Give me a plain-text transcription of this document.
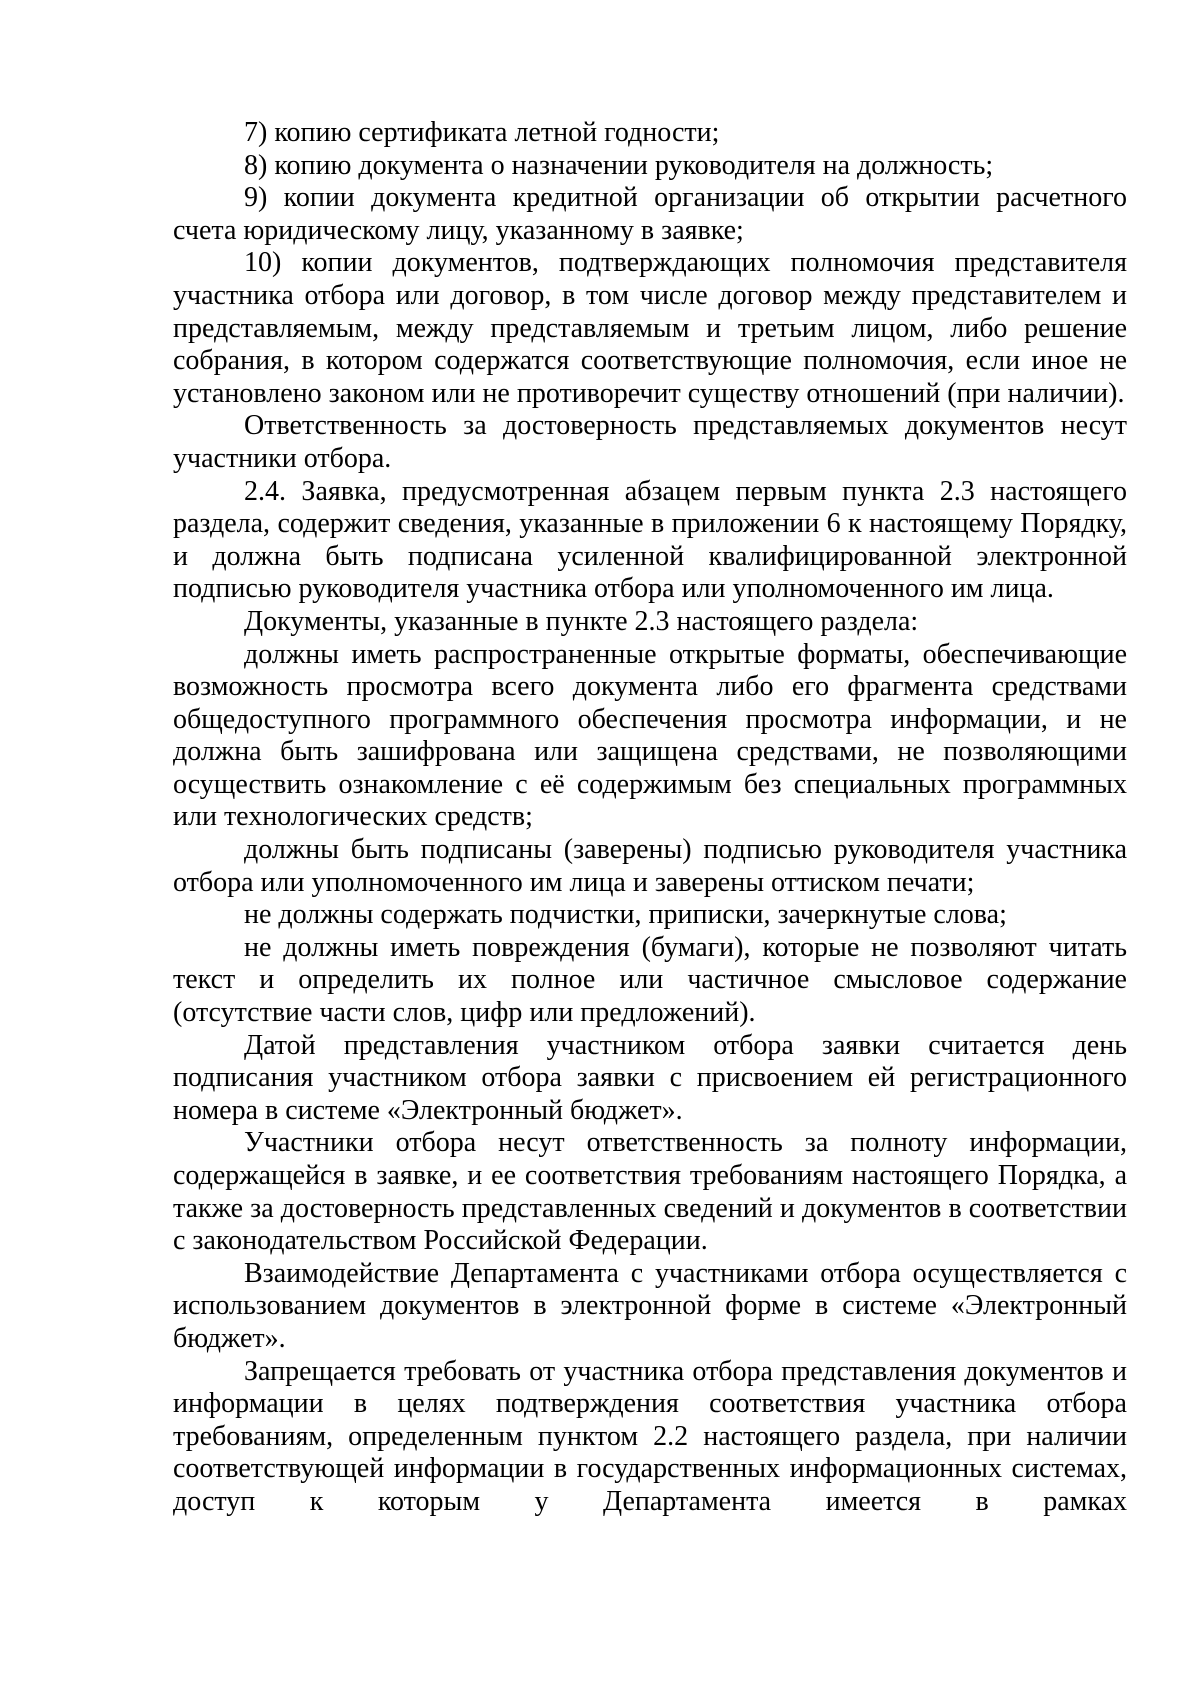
7) копию сертификата летной годности;

8) копию документа о назначении руководителя на должность;

9) копии документа кредитной организации об открытии расчетного счета юридическому лицу, указанному в заявке;

10) копии документов, подтверждающих полномочия представителя участника отбора или договор, в том числе договор между представителем и представляемым, между представляемым и третьим лицом, либо решение собрания, в котором содержатся соответствующие полномочия, если иное не установлено законом или не противоречит существу отношений (при наличии).

Ответственность за достоверность представляемых документов несут участники отбора.

2.4. Заявка, предусмотренная абзацем первым пункта 2.3 настоящего раздела, содержит сведения, указанные в приложении 6 к настоящему Порядку, и должна быть подписана усиленной квалифицированной электронной подписью руководителя участника отбора или уполномоченного им лица.

Документы, указанные в пункте 2.3 настоящего раздела:

должны иметь распространенные открытые форматы, обеспечивающие возможность просмотра всего документа либо его фрагмента средствами общедоступного программного обеспечения просмотра информации, и не должна быть зашифрована или защищена средствами, не позволяющими осуществить ознакомление с её содержимым без специальных программных или технологических средств;

должны быть подписаны (заверены) подписью руководителя участника отбора или уполномоченного им лица и заверены оттиском печати;

не должны содержать подчистки, приписки, зачеркнутые слова;

не должны иметь повреждения (бумаги), которые не позволяют читать текст и определить их полное или частичное смысловое содержание (отсутствие части слов, цифр или предложений).

Датой представления участником отбора заявки считается день подписания участником отбора заявки с присвоением ей регистрационного номера в системе «Электронный бюджет».

Участники отбора несут ответственность за полноту информации, содержащейся в заявке, и ее соответствия требованиям настоящего Порядка, а также за достоверность представленных сведений и документов в соответствии с законодательством Российской Федерации.

Взаимодействие Департамента с участниками отбора осуществляется с использованием документов в электронной форме в системе «Электронный бюджет».

Запрещается требовать от участника отбора представления документов и информации в целях подтверждения соответствия участника отбора требованиям, определенным пунктом 2.2 настоящего раздела, при наличии соответствующей информации в государственных информационных системах, доступ к которым у Департамента имеется в рамках
